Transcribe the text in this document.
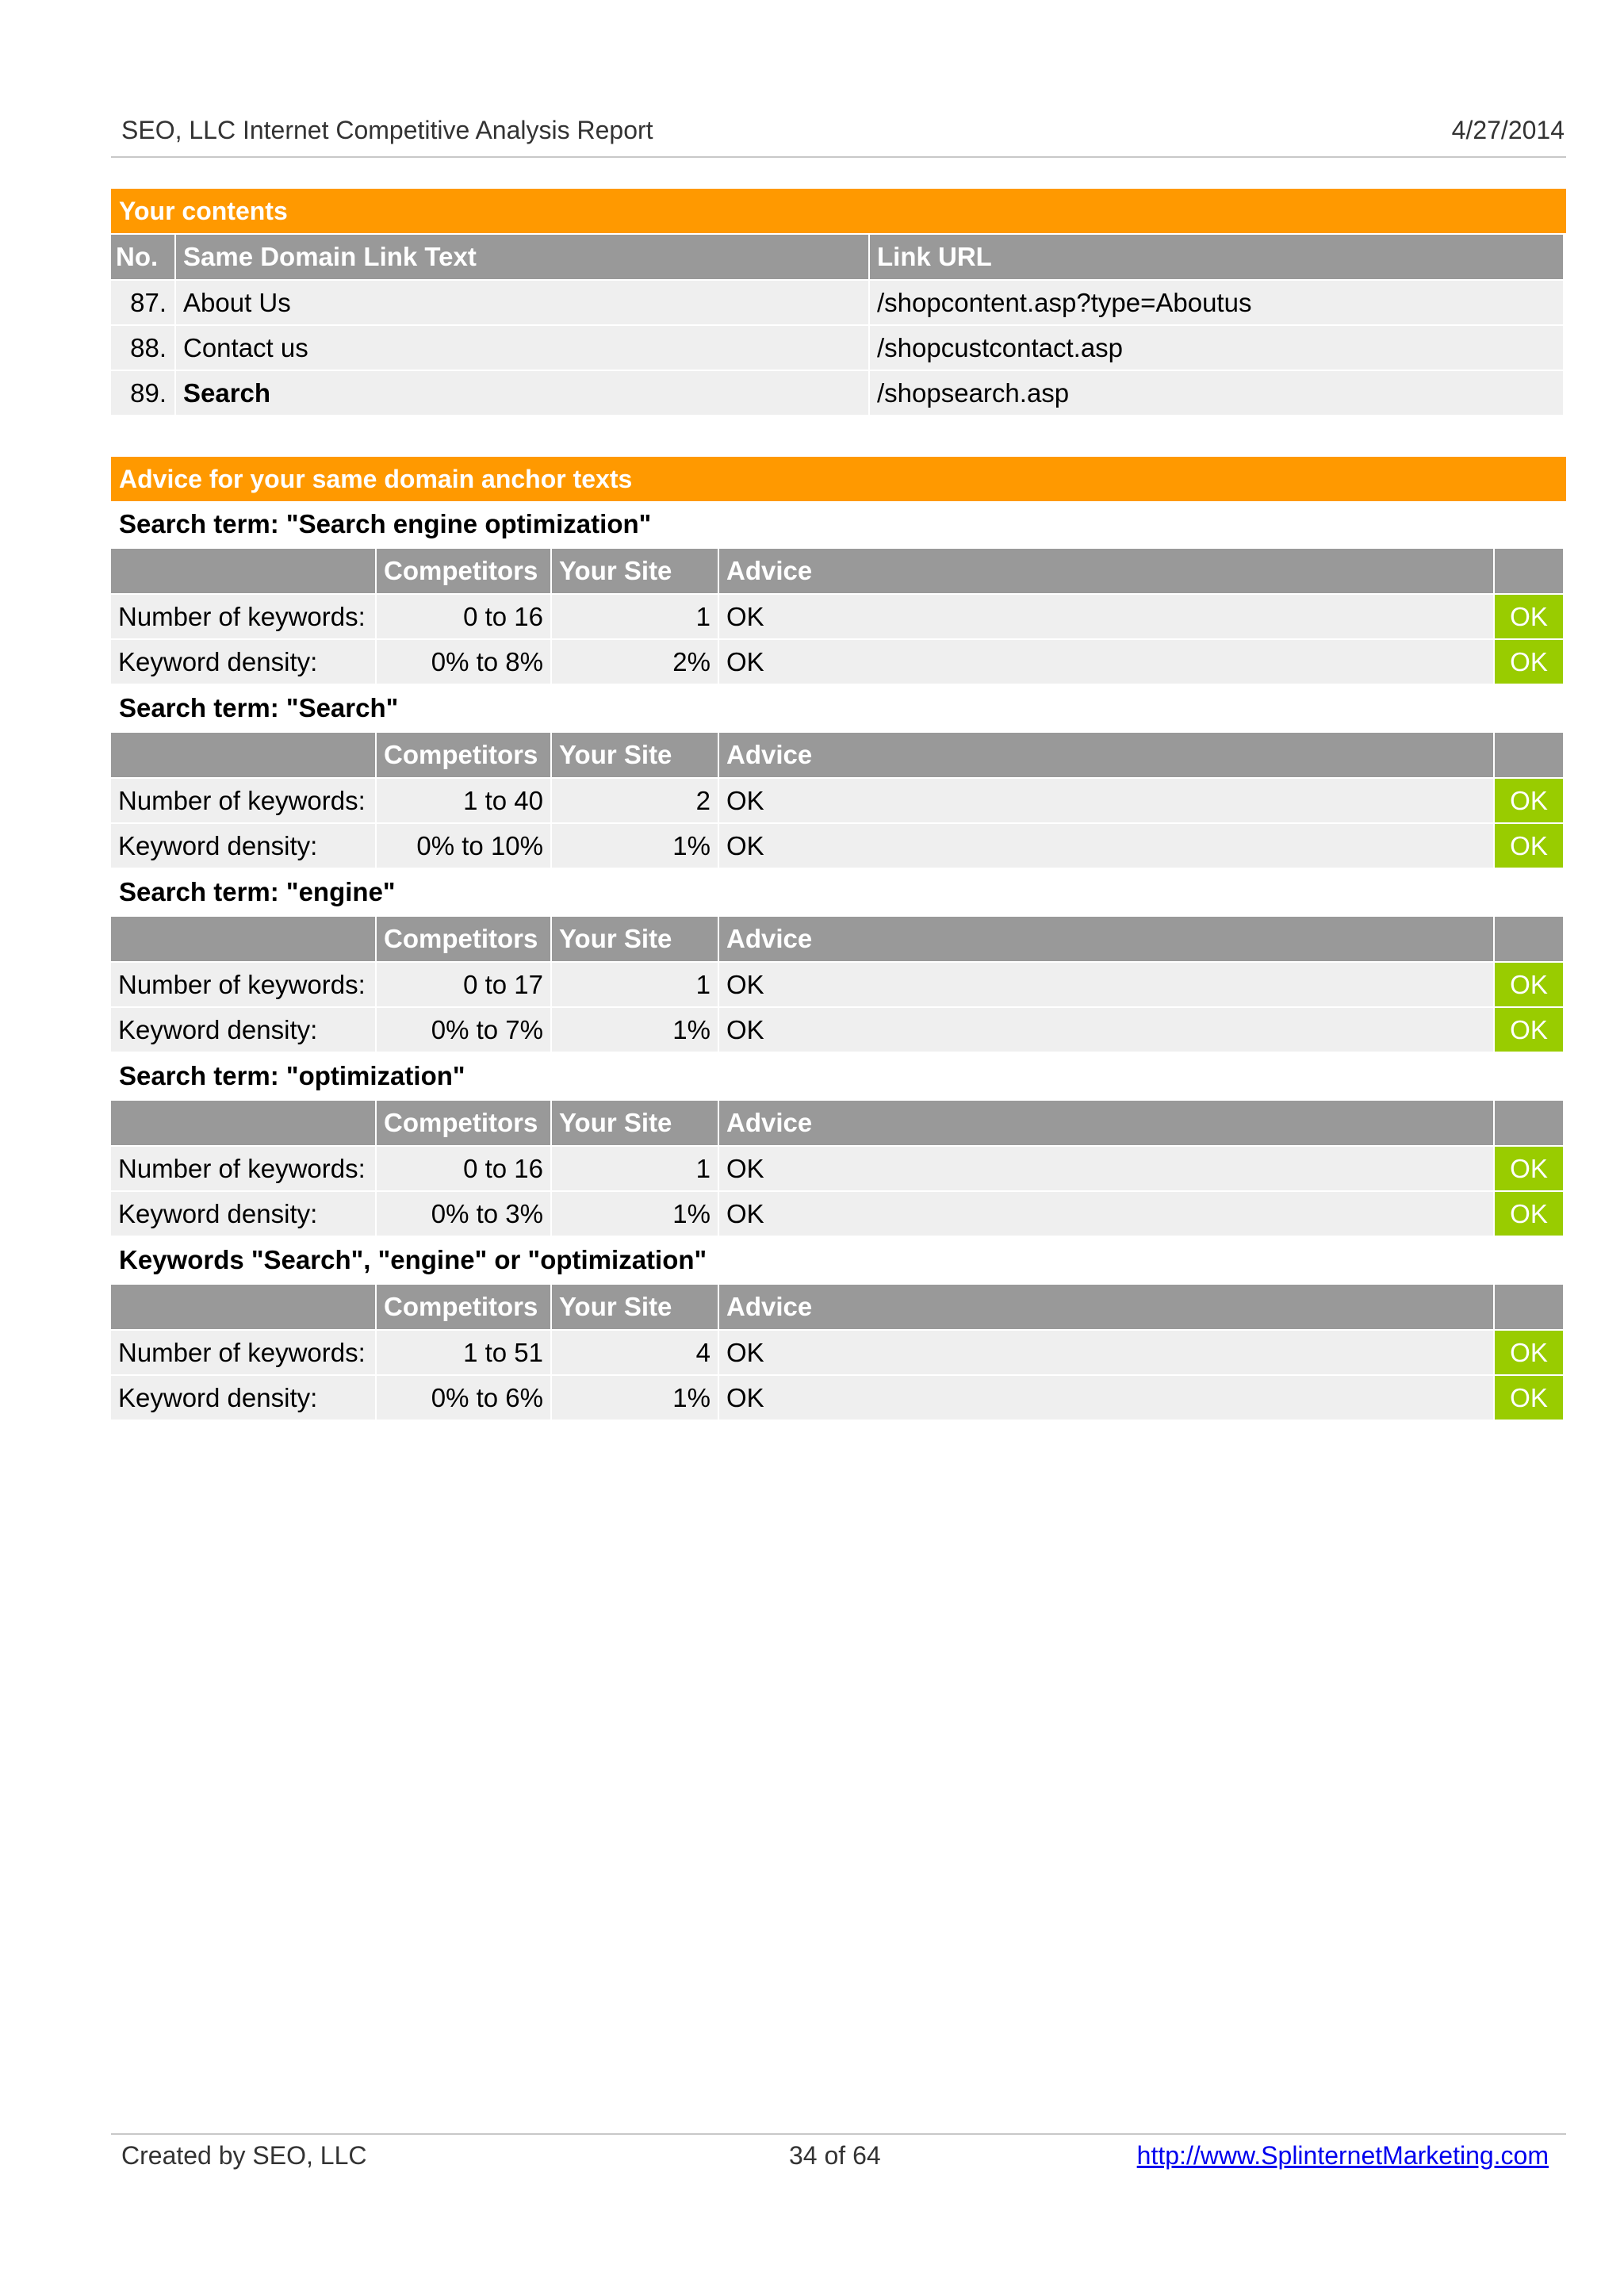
SEO, LLC Internet Competitive Analysis Report	4/27/2014
Your contents
No.	Same Domain Link Text	Link URL
87.	About Us	/shopcontent.asp?type=Aboutus
88.	Contact us	/shopcustcontact.asp
89.	Search	/shopsearch.asp
Advice for your same domain anchor texts
Search term: "Search engine optimization"
	Competitors	Your Site	Advice	
Number of keywords:	0 to 16	1	OK	OK
Keyword density:	0% to 8%	2%	OK	OK
Search term: "Search"
	Competitors	Your Site	Advice	
Number of keywords:	1 to 40	2	OK	OK
Keyword density:	0% to 10%	1%	OK	OK
Search term: "engine"
	Competitors	Your Site	Advice	
Number of keywords:	0 to 17	1	OK	OK
Keyword density:	0% to 7%	1%	OK	OK
Search term: "optimization"
	Competitors	Your Site	Advice	
Number of keywords:	0 to 16	1	OK	OK
Keyword density:	0% to 3%	1%	OK	OK
Keywords "Search", "engine" or "optimization"
	Competitors	Your Site	Advice	
Number of keywords:	1 to 51	4	OK	OK
Keyword density:	0% to 6%	1%	OK	OK
Created by SEO, LLC	34 of 64	http://www.SplinternetMarketing.com
